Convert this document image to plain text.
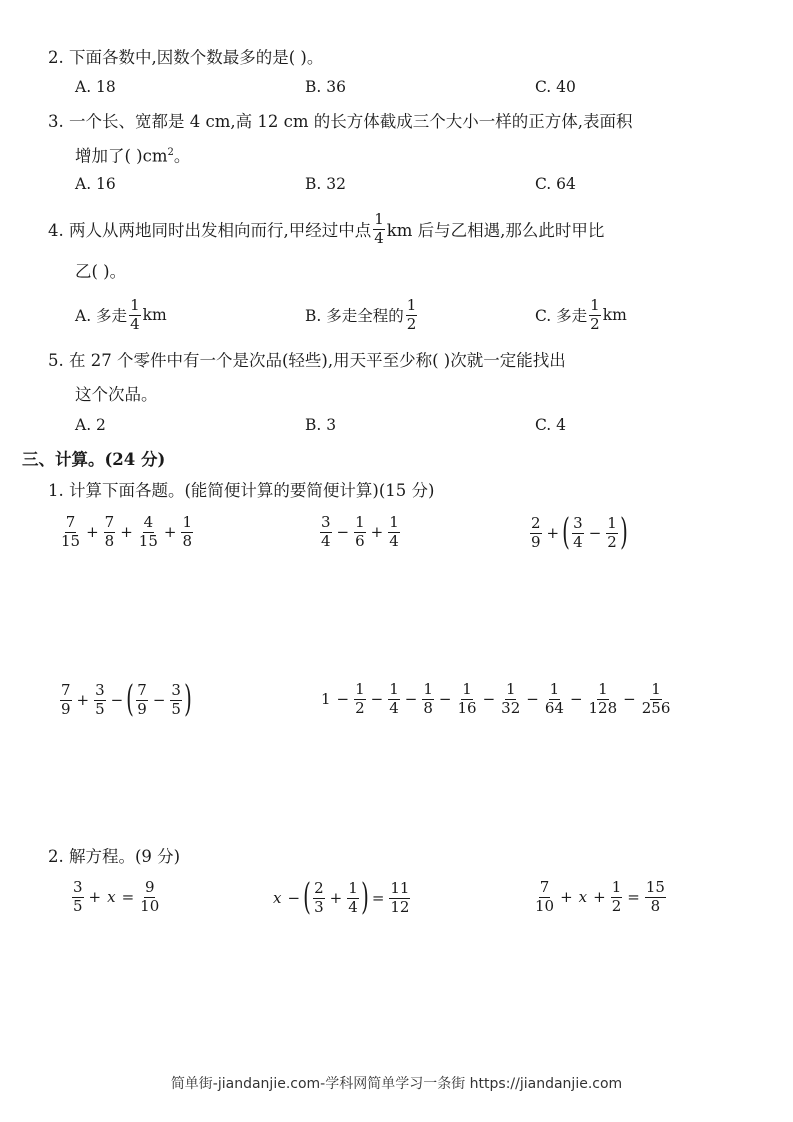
2. 下面各数中,因数个数最多的是( )。
A. 18	B. 36	C. 40
3. 一个长、宽都是 4 cm,高 12 cm 的长方体截成三个大小一样的正方体,表面积
增加了( )$cm^2$。
A. 16	B. 32	C. 64
4. 两人从两地同时出发相向而行,甲经过中点 $\frac{1}{4}$ km 后与乙相遇,那么此时甲比
乙( )。
A. 多走 $\frac{1}{4}$ km	B. 多走全程的 $\frac{1}{2}$	C. 多走 $\frac{1}{2}$ km
5. 在 27 个零件中有一个是次品(轻些),用天平至少称( )次就一定能找出
这个次品。
A. 2	B. 3	C. 4
三、计算。(24 分)
1. 计算下面各题。(能简便计算的要简便计算)(15 分)
$\frac{7}{15} + \frac{7}{8} + \frac{4}{15} + \frac{1}{8}$	$\frac{3}{4} - \frac{1}{6} + \frac{1}{4}$	$\frac{2}{9}$ + ( $\frac{3}{4} - \frac{1}{2}$ )
$\frac{7}{9} + \frac{3}{5}$ − ( $\frac{7}{9} - \frac{3}{5}$ )	$1 - \frac{1}{2} - \frac{1}{4} - \frac{1}{8} - \frac{1}{16} - \frac{1}{32} - \frac{1}{64} - \frac{1}{128} - \frac{1}{256}$
2. 解方程。(9 分)
$\frac{3}{5} + x = \frac{9}{10}$	x − ( $\frac{2}{3} + \frac{1}{4}$ ) = $\frac{11}{12}$	$\frac{7}{10} + x + \frac{1}{2} = \frac{15}{8}$
简单街-jiandanjie.com-学科网简单学习一条街 https://jiandanjie.com
